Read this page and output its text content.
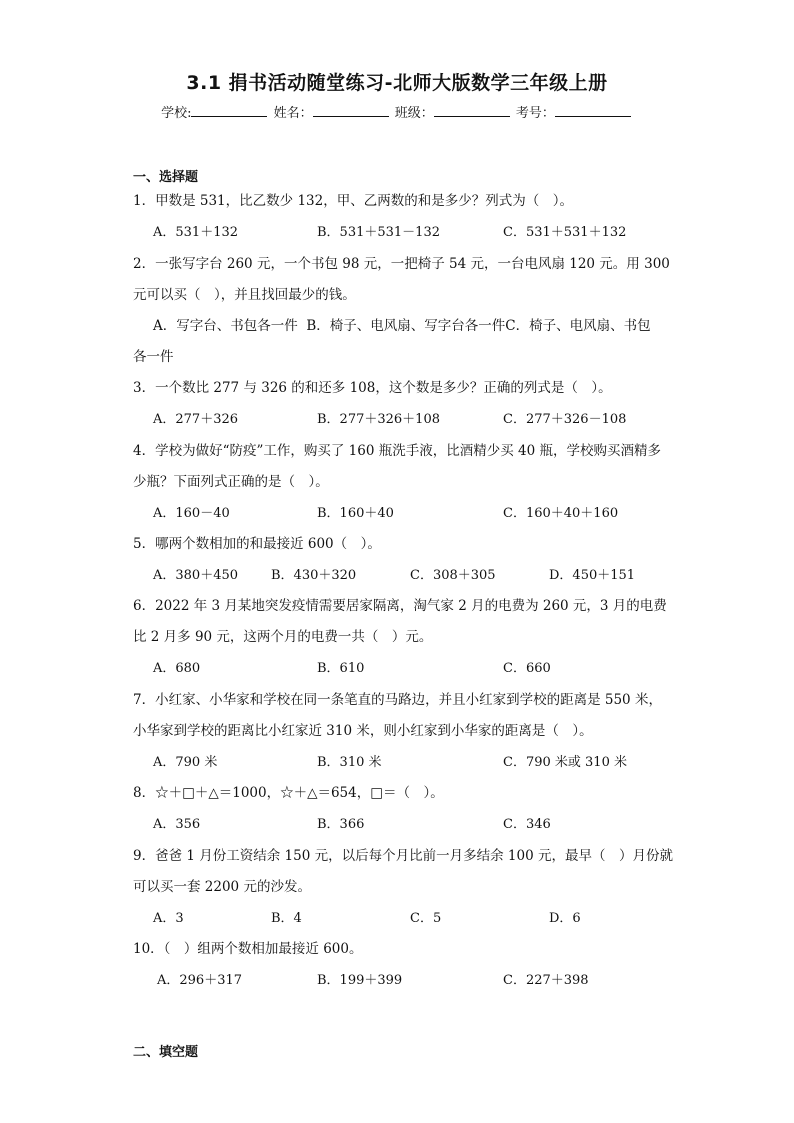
3.1 捐书活动随堂练习-北师大版数学三年级上册
学校:	姓名：	班级：	考号：
一、选择题
1．甲数是 531，比乙数少 132，甲、乙两数的和是多少？列式为（　）。
A．531＋132	B．531＋531－132	C．531＋531＋132
2．一张写字台 260 元，一个书包 98 元，一把椅子 54 元，一台电风扇 120 元。用 300 元可以买（　），并且找回最少的钱。
A．写字台、书包各一件 B．椅子、电风扇、写字台各一件C．椅子、电风扇、书包各一件
3．一个数比 277 与 326 的和还多 108，这个数是多少？正确的列式是（　）。
A．277＋326	B．277＋326＋108	C．277＋326－108
4．学校为做好“防疫”工作，购买了 160 瓶洗手液，比酒精少买 40 瓶，学校购买酒精多少瓶？下面列式正确的是（　）。
A．160－40	B．160＋40	C．160＋40＋160
5．哪两个数相加的和最接近 600（　）。
A．380＋450	B．430＋320	C．308＋305	D．450＋151
6．2022 年 3 月某地突发疫情需要居家隔离，淘气家 2 月的电费为 260 元，3 月的电费比 2 月多 90 元，这两个月的电费一共（　）元。
A．680	B．610	C．660
7．小红家、小华家和学校在同一条笔直的马路边，并且小红家到学校的距离是 550 米，小华家到学校的距离比小红家近 310 米，则小红家到小华家的距离是（　）。
A．790 米	B．310 米	C．790 米或 310 米
8．☆＋□＋△＝1000，☆＋△＝654，□＝（　）。
A．356	B．366	C．346
9．爸爸 1 月份工资结余 150 元，以后每个月比前一月多结余 100 元，最早（　）月份就可以买一套 2200 元的沙发。
A．3	B．4	C．5	D．6
10．（　）组两个数相加最接近 600。
A．296＋317	B．199＋399	C．227＋398
二、填空题
